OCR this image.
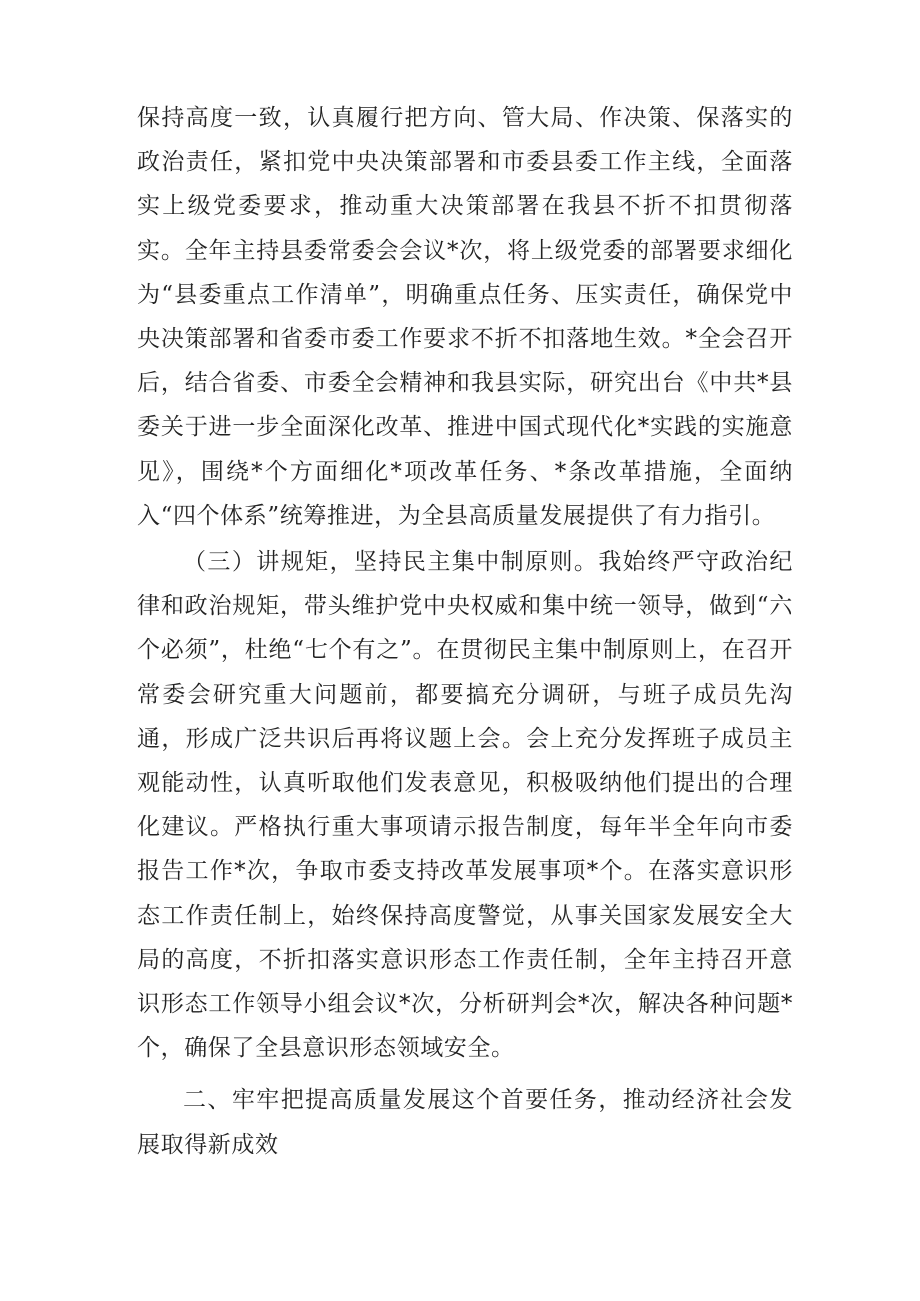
保持高度一致，认真履行把方向、管大局、作决策、保落实的政治责任，紧扣党中央决策部署和市委县委工作主线，全面落实上级党委要求，推动重大决策部署在我县不折不扣贯彻落实。全年主持县委常委会会议*次，将上级党委的部署要求细化为“县委重点工作清单”，明确重点任务、压实责任，确保党中央决策部署和省委市委工作要求不折不扣落地生效。*全会召开后，结合省委、市委全会精神和我县实际，研究出台《中共*县委关于进一步全面深化改革、推进中国式现代化*实践的实施意见》，围绕*个方面细化*项改革任务、*条改革措施，全面纳入“四个体系”统筹推进，为全县高质量发展提供了有力指引。

（三）讲规矩，坚持民主集中制原则。我始终严守政治纪律和政治规矩，带头维护党中央权威和集中统一领导，做到“六个必须”，杜绝“七个有之”。在贯彻民主集中制原则上，在召开常委会研究重大问题前，都要搞充分调研，与班子成员先沟通，形成广泛共识后再将议题上会。会上充分发挥班子成员主观能动性，认真听取他们发表意见，积极吸纳他们提出的合理化建议。严格执行重大事项请示报告制度，每年半全年向市委报告工作*次，争取市委支持改革发展事项*个。在落实意识形态工作责任制上，始终保持高度警觉，从事关国家发展安全大局的高度，不折扣落实意识形态工作责任制，全年主持召开意识形态工作领导小组会议*次，分析研判会*次，解决各种问题*个，确保了全县意识形态领域安全。

二、牢牢把提高质量发展这个首要任务，推动经济社会发展取得新成效
